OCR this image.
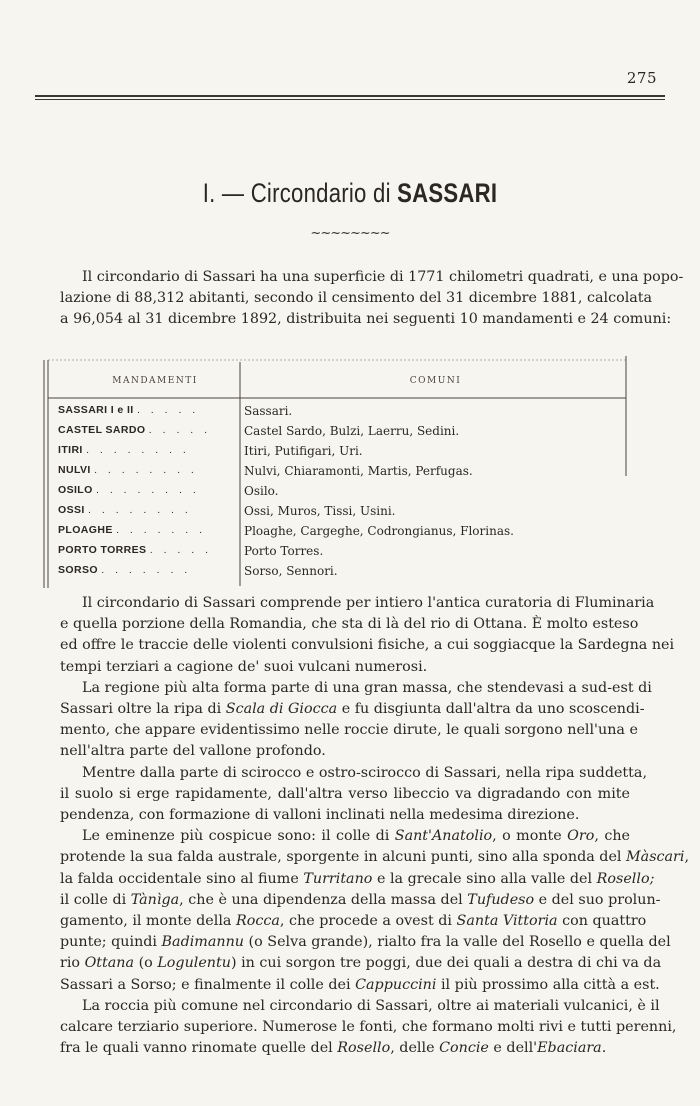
275
I. — Circondario di SASSARI
~~~~~~~~
Il circondario di Sassari ha una superficie di 1771 chilometri quadrati, e una popo-
lazione di 88,312 abitanti, secondo il censimento del 31 dicembre 1881, calcolata
a 96,054 al 31 dicembre 1892, distribuita nei seguenti 10 mandamenti e 24 comuni:
MANDAMENTI	COMUNI
SASSARI I e II . . . . .	Sassari.
CASTEL SARDO . . . . .	Castel Sardo, Bulzi, Laerru, Sedini.
ITIRI . . . . . . . .	Itiri, Putifigari, Uri.
NULVI . . . . . . . .	Nulvi, Chiaramonti, Martis, Perfugas.
OSILO . . . . . . . .	Osilo.
OSSI . . . . . . . .	Ossi, Muros, Tissi, Usini.
PLOAGHE . . . . . . .	Ploaghe, Cargeghe, Codrongianus, Florinas.
PORTO TORRES . . . . .	Porto Torres.
SORSO . . . . . . .	Sorso, Sennori.
Il circondario di Sassari comprende per intiero l'antica curatoria di Fluminaria
e quella porzione della Romandia, che sta di là del rio di Ottana. È molto esteso
ed offre le traccie delle violenti convulsioni fisiche, a cui soggiacque la Sardegna nei
tempi terziari a cagione de' suoi vulcani numerosi.
La regione più alta forma parte di una gran massa, che stendevasi a sud-est di
Sassari oltre la ripa di Scala di Giocca e fu disgiunta dall'altra da uno scoscendi-
mento, che appare evidentissimo nelle roccie dirute, le quali sorgono nell'una e
nell'altra parte del vallone profondo.
Mentre dalla parte di scirocco e ostro-scirocco di Sassari, nella ripa suddetta,
il suolo si erge rapidamente, dall'altra verso libeccio va digradando con mite
pendenza, con formazione di valloni inclinati nella medesima direzione.
Le eminenze più cospicue sono: il colle di Sant'Anatolio, o monte Oro, che
protende la sua falda australe, sporgente in alcuni punti, sino alla sponda del Màscari,
la falda occidentale sino al fiume Turritano e la grecale sino alla valle del Rosello;
il colle di Tànìga, che è una dipendenza della massa del Tufudeso e del suo prolun-
gamento, il monte della Rocca, che procede a ovest di Santa Vittoria con quattro
punte; quindi Badimannu (o Selva grande), rialto fra la valle del Rosello e quella del
rio Ottana (o Logulentu) in cui sorgon tre poggi, due dei quali a destra di chi va da
Sassari a Sorso; e finalmente il colle dei Cappuccini il più prossimo alla città a est.
La roccia più comune nel circondario di Sassari, oltre ai materiali vulcanici, è il
calcare terziario superiore. Numerose le fonti, che formano molti rivi e tutti perenni,
fra le quali vanno rinomate quelle del Rosello, delle Concie e dell'Ebaciara.
